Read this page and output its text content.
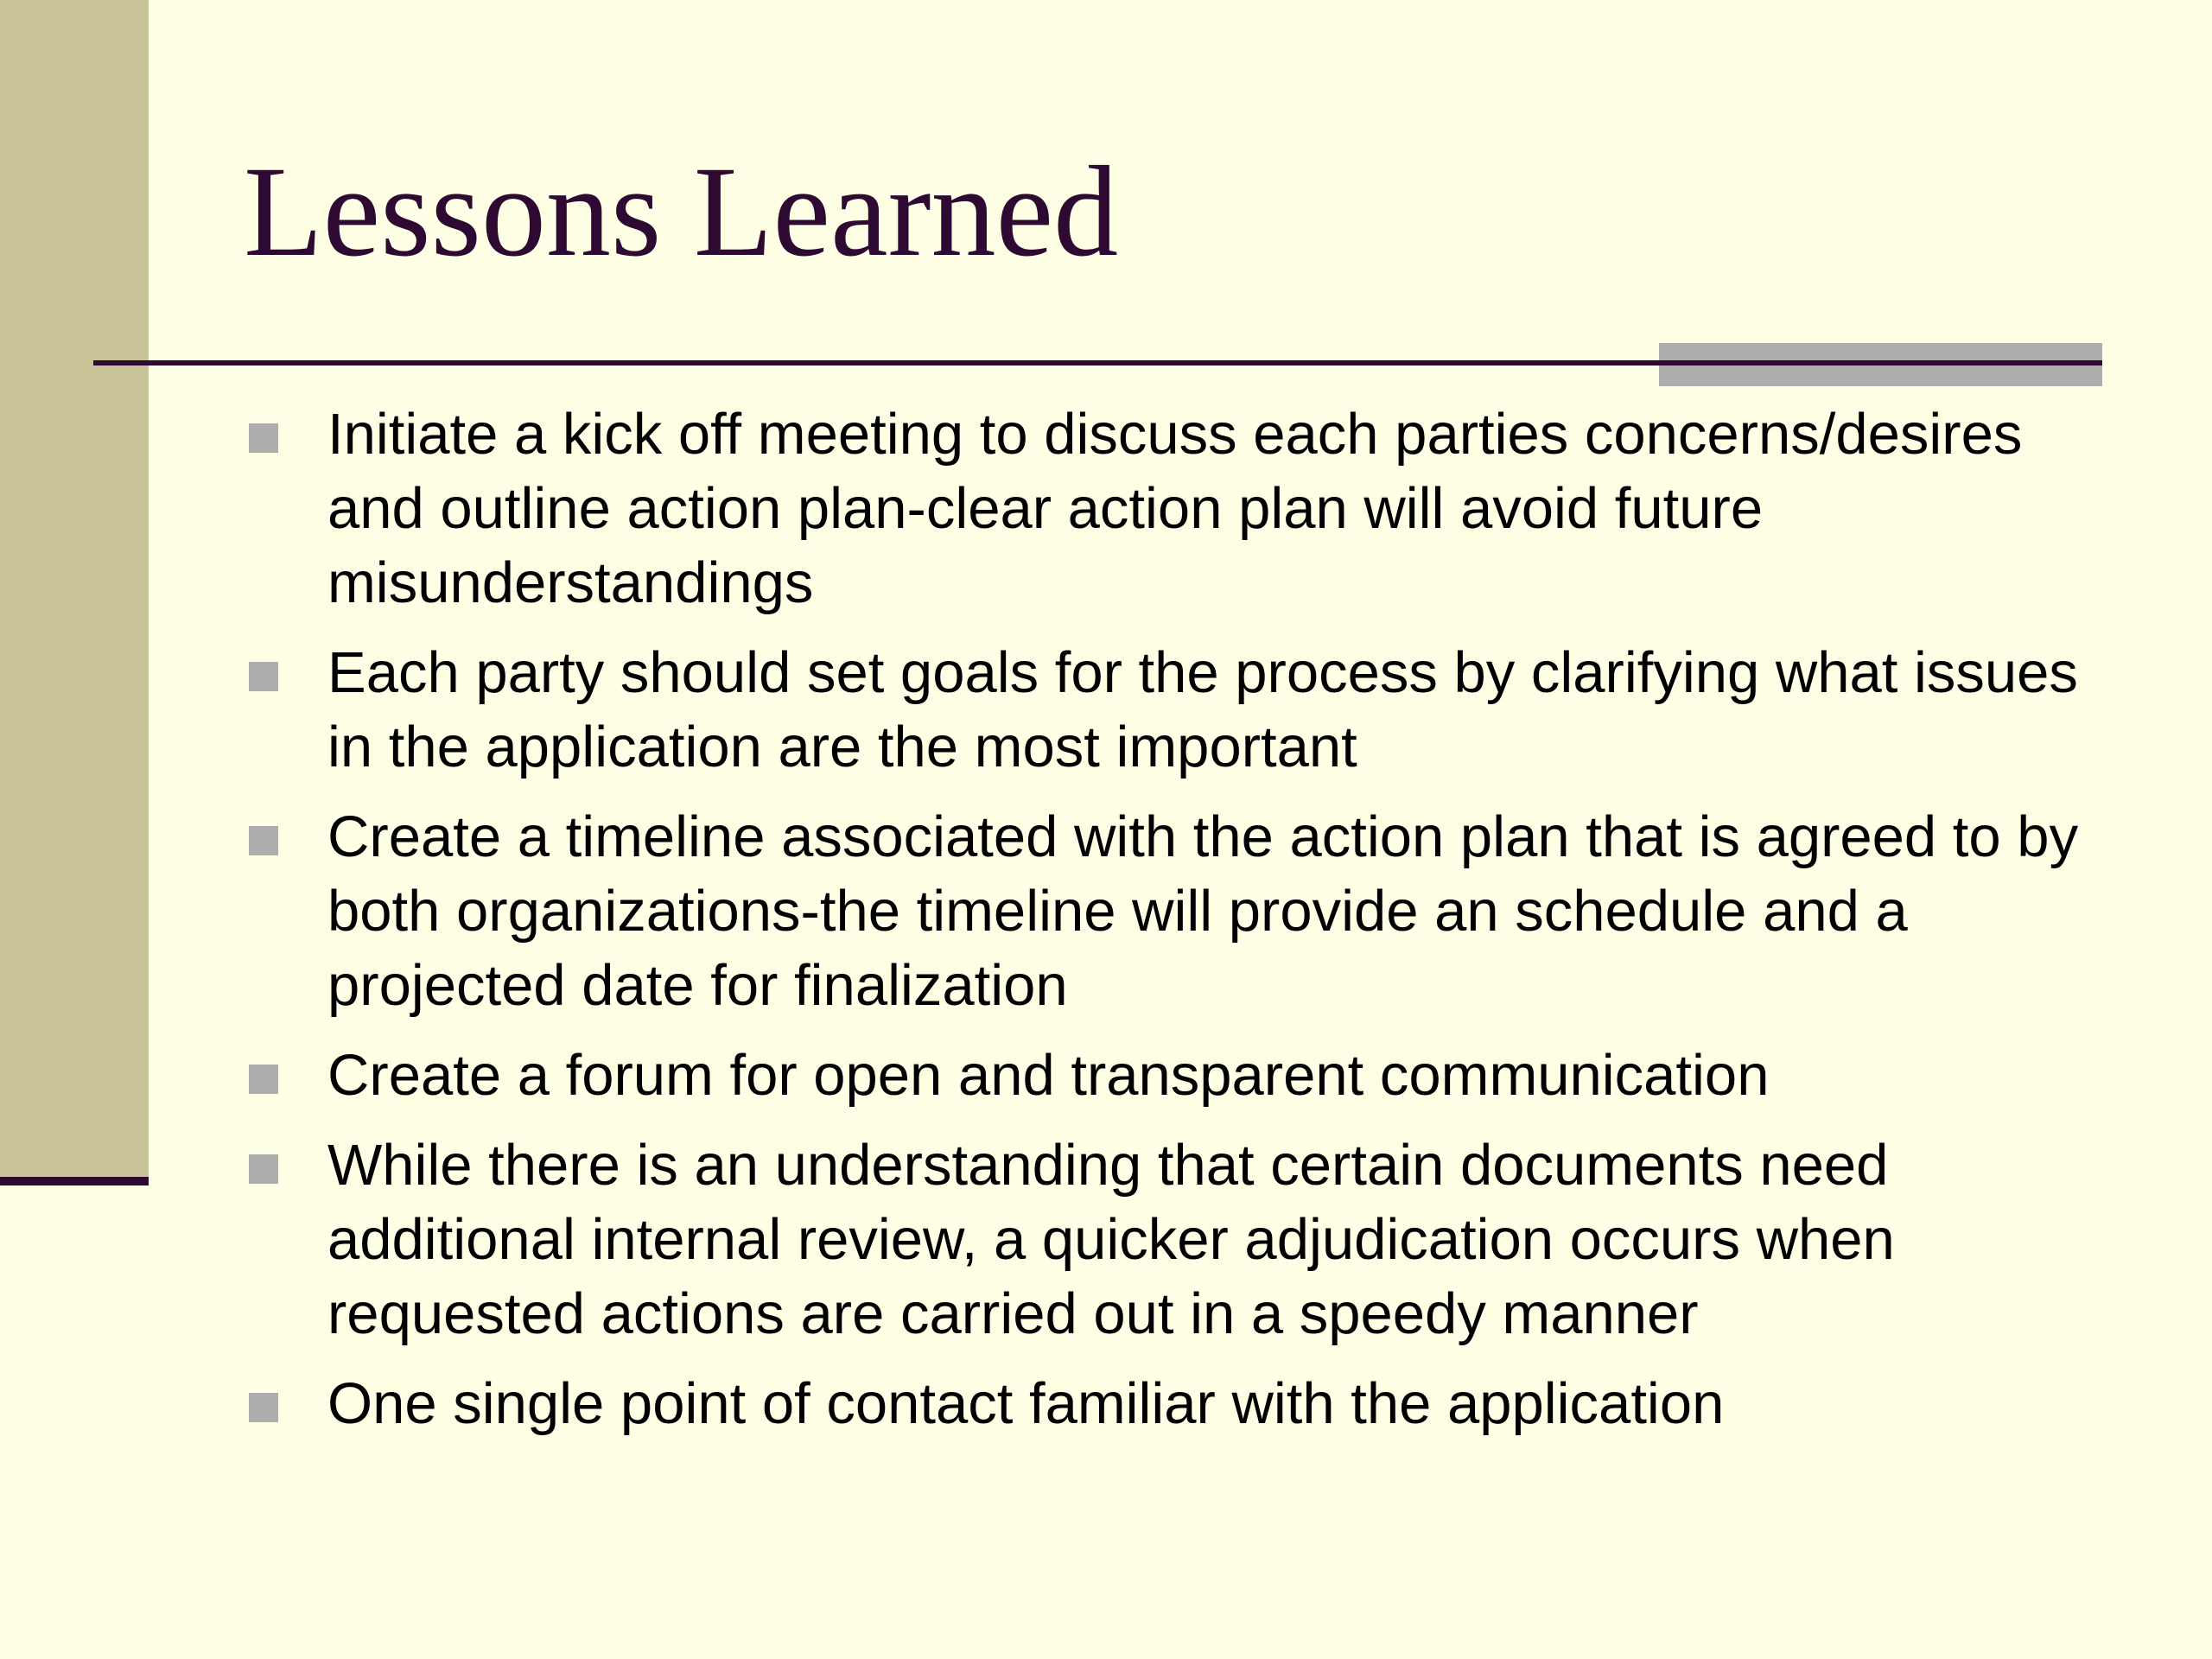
Lessons Learned
Initiate a kick off meeting to discuss each parties concerns/desires and outline action plan-clear action plan will avoid future misunderstandings
Each party should set goals for the process by clarifying what issues in the application are the most important
Create a timeline associated with the action plan that is agreed to by both organizations-the timeline will provide an schedule and a projected date for finalization
Create a forum for open and transparent communication
While there is an understanding that certain documents need additional internal review, a quicker adjudication occurs when requested actions are carried out in a speedy manner
One single point of contact familiar with the application
